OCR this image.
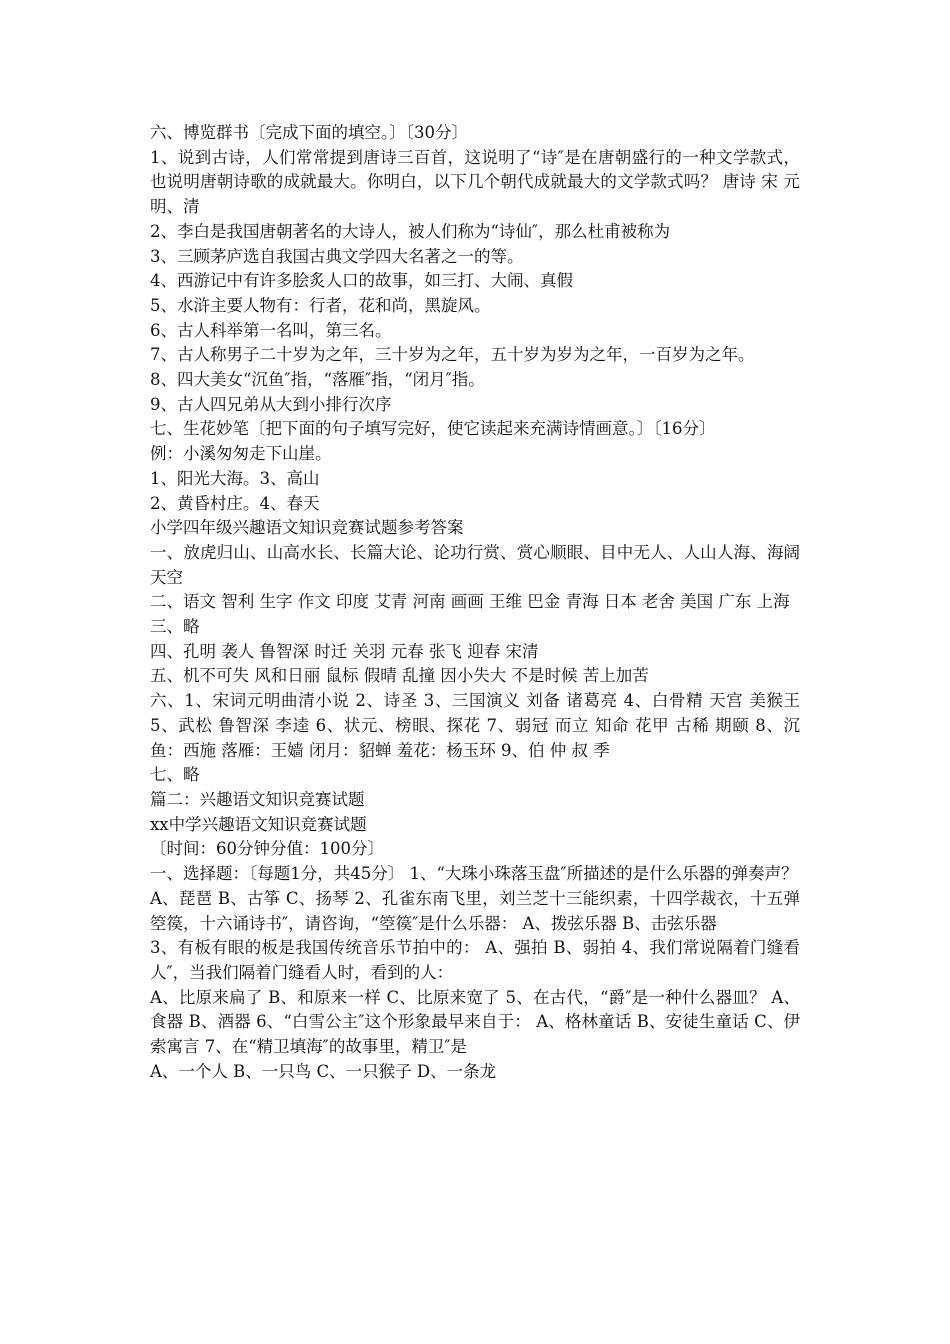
六、博览群书〔完成下面的填空。〕〔30分〕

1、说到古诗，人们常常提到唐诗三百首，这说明了“诗″是在唐朝盛行的一种文学款式，也说明唐朝诗歌的成就最大。你明白，以下几个朝代成就最大的文学款式吗？ 唐诗 宋 元 明、清

2、李白是我国唐朝著名的大诗人，被人们称为“诗仙″，那么杜甫被称为

3、三顾茅庐选自我国古典文学四大名著之一的等。

4、西游记中有许多脍炙人口的故事，如三打、大闹、真假

5、水浒主要人物有：行者，花和尚，黑旋风。

6、古人科举第一名叫，第三名。

7、古人称男子二十岁为之年，三十岁为之年，五十岁为岁为之年，一百岁为之年。

8、四大美女“沉鱼″指，“落雁″指，“闭月″指。

9、古人四兄弟从大到小排行次序

七、生花妙笔〔把下面的句子填写完好，使它读起来充满诗情画意。〕〔16分〕

例：小溪匆匆走下山崖。

1、阳光大海。3、高山

2、黄昏村庄。4、春天

小学四年级兴趣语文知识竞赛试题参考答案

一、放虎归山、山高水长、长篇大论、论功行赏、赏心顺眼、目中无人、人山人海、海阔天空

二、语文 智利 生字 作文 印度 艾青 河南 画画 王维 巴金 青海 日本 老舍 美国 广东 上海

三、略

四、孔明 袭人 鲁智深 时迁 关羽 元春 张飞 迎春 宋清

五、机不可失 风和日丽 鼠标 假晴 乱撞 因小失大 不是时候 苦上加苦

六、1、宋词元明曲清小说 2、诗圣 3、三国演义 刘备 诸葛亮 4、白骨精 天宫 美猴王 5、武松 鲁智深 李逵 6、状元、榜眼、探花 7、弱冠 而立 知命 花甲 古稀 期颐 8、沉鱼：西施 落雁：王嫱 闭月：貂蝉 羞花：杨玉环 9、伯 仲 叔 季

七、略

篇二：兴趣语文知识竞赛试题

xx中学兴趣语文知识竞赛试题

〔时间：60分钟分值：100分〕

一、选择题：〔每题1分，共45分〕 1、“大珠小珠落玉盘″所描述的是什么乐器的弹奏声？

A、琵琶 B、古筝 C、扬琴 2、孔雀东南飞里，刘兰芝十三能织素，十四学裁衣，十五弹箜篌，十六诵诗书″，请咨询，“箜篌″是什么乐器： A、拨弦乐器 B、击弦乐器

3、有板有眼的板是我国传统音乐节拍中的： A、强拍 B、弱拍 4、我们常说隔着门缝看人″，当我们隔着门缝看人时，看到的人：

A、比原来扁了 B、和原来一样 C、比原来宽了 5、在古代，“爵″是一种什么器皿？ A、食器 B、酒器 6、“白雪公主″这个形象最早来自于： A、格林童话 B、安徒生童话 C、伊索寓言 7、在“精卫填海″的故事里，精卫″是

A、一个人 B、一只鸟 C、一只猴子 D、一条龙
